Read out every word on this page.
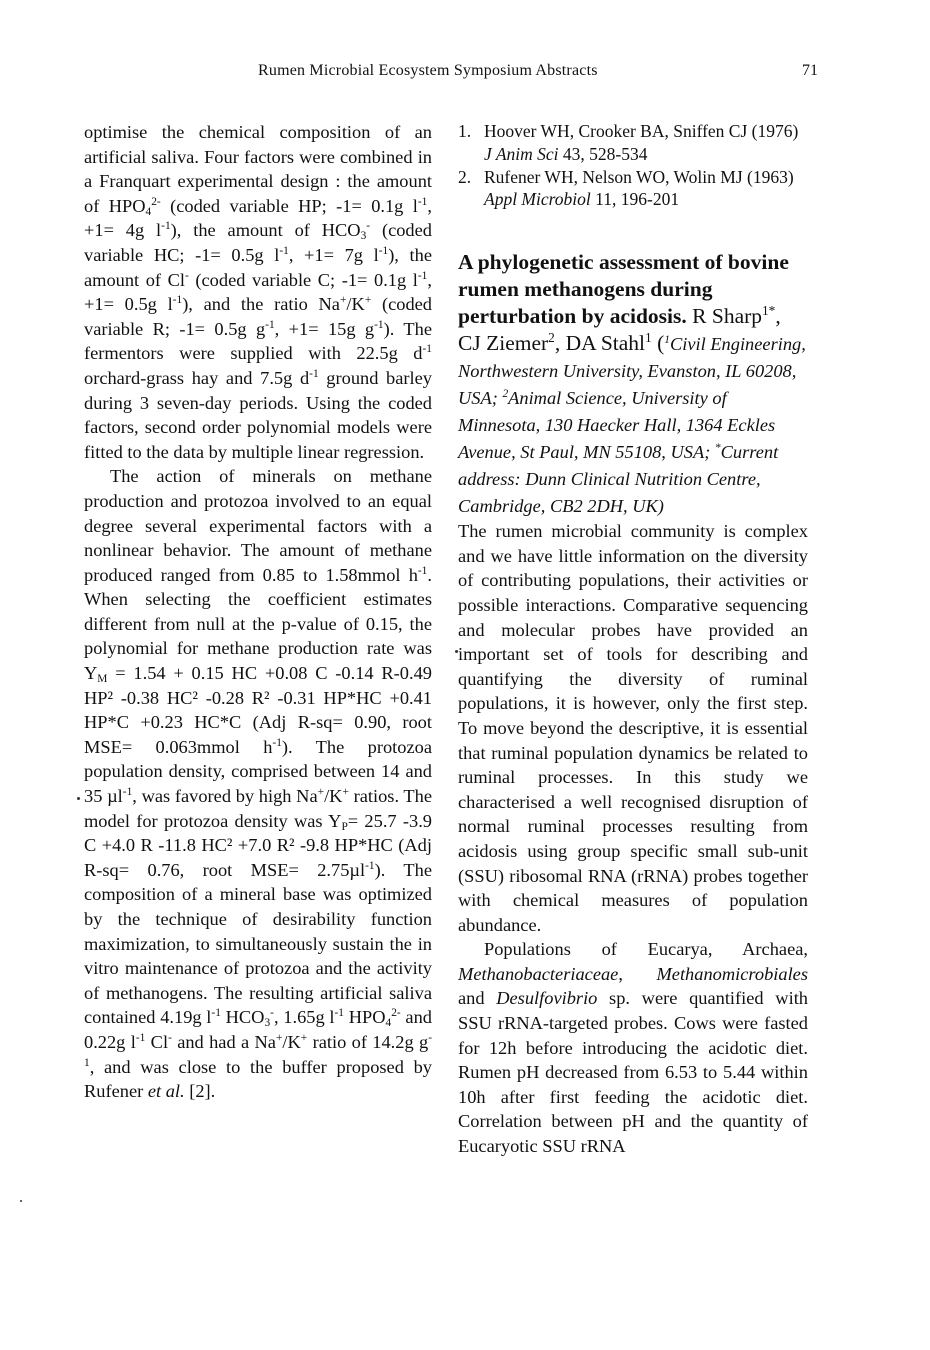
Rumen Microbial Ecosystem Symposium Abstracts	71

optimise the chemical composition of an artificial saliva. Four factors were combined in a Franquart experimental design : the amount of $HPO_4^{2-}$ (coded variable HP; -1= 0.1g $l^{-1}$, +1= 4g $l^{-1}$), the amount of $HCO_3^-$ (coded variable HC; -1= 0.5g $l^{-1}$, +1= 7g $l^{-1}$), the amount of Cl- (coded variable C; -1= 0.1g $l^{-1}$, +1= 0.5g $l^{-1}$), and the ratio Na+/K+ (coded variable R; -1= 0.5g $g^{-1}$, +1= 15g $g^{-1}$). The fermentors were supplied with 22.5g $d^{-1}$ orchard-grass hay and 7.5g $d^{-1}$ ground barley during 3 seven-day periods. Using the coded factors, second order polynomial models were fitted to the data by multiple linear regression.

The action of minerals on methane production and protozoa involved to an equal degree several experimental factors with a nonlinear behavior. The amount of methane produced ranged from 0.85 to 1.58mmol $h^{-1}$. When selecting the coefficient estimates different from null at the p-value of 0.15, the polynomial for methane production rate was $Y_M = 1.54 + 0.15$ HC +0.08 C -0.14 R-0.49 HP² -0.38 HC² -0.28 R² -0.31 HP*HC +0.41 HP*C +0.23 HC*C (Adj R-sq= 0.90, root MSE= 0.063mmol $h^{-1}$). The protozoa population density, comprised between 14 and 35 µl$^{-1}$, was favored by high Na+/K+ ratios. The model for protozoa density was $Y_P= 25.7$ -3.9 C +4.0 R -11.8 HC² +7.0 R² -9.8 HP*HC (Adj R-sq= 0.76, root MSE= 2.75µl$^{-1}$). The composition of a mineral base was optimized by the technique of desirability function maximization, to simultaneously sustain the in vitro maintenance of protozoa and the activity of methanogens. The resulting artificial saliva contained 4.19g $l^{-1}$ $HCO_3^-$, 1.65g $l^{-1}$ $HPO_4^{2-}$ and 0.22g $l^{-1}$ Cl- and had a Na+/K+ ratio of 14.2g $g^{-1}$, and was close to the buffer proposed by Rufener et al. [2].

1. Hoover WH, Crooker BA, Sniffen CJ (1976) J Anim Sci 43, 528-534
2. Rufener WH, Nelson WO, Wolin MJ (1963) Appl Microbiol 11, 196-201
A phylogenetic assessment of bovine rumen methanogens during perturbation by acidosis. R Sharp$^{1*}$, CJ Ziemer$^2$, DA Stahl$^1$ ($^1$Civil Engineering, Northwestern University, Evanston, IL 60208, USA; $^2$Animal Science, University of Minnesota, 130 Haecker Hall, 1364 Eckles Avenue, St Paul, MN 55108, USA; *Current address: Dunn Clinical Nutrition Centre, Cambridge, CB2 2DH, UK)

The rumen microbial community is complex and we have little information on the diversity of contributing populations, their activities or possible interactions. Comparative sequencing and molecular probes have provided an important set of tools for describing and quantifying the diversity of ruminal populations, it is however, only the first step. To move beyond the descriptive, it is essential that ruminal population dynamics be related to ruminal processes. In this study we characterised a well recognised disruption of normal ruminal processes resulting from acidosis using group specific small sub-unit (SSU) ribosomal RNA (rRNA) probes together with chemical measures of population abundance.

Populations of Eucarya, Archaea, Methanobacteriaceae, Methanomicrobiales and Desulfovibrio sp. were quantified with SSU rRNA-targeted probes. Cows were fasted for 12h before introducing the acidotic diet. Rumen pH decreased from 6.53 to 5.44 within 10h after first feeding the acidotic diet. Correlation between pH and the quantity of Eucaryotic SSU rRNA
